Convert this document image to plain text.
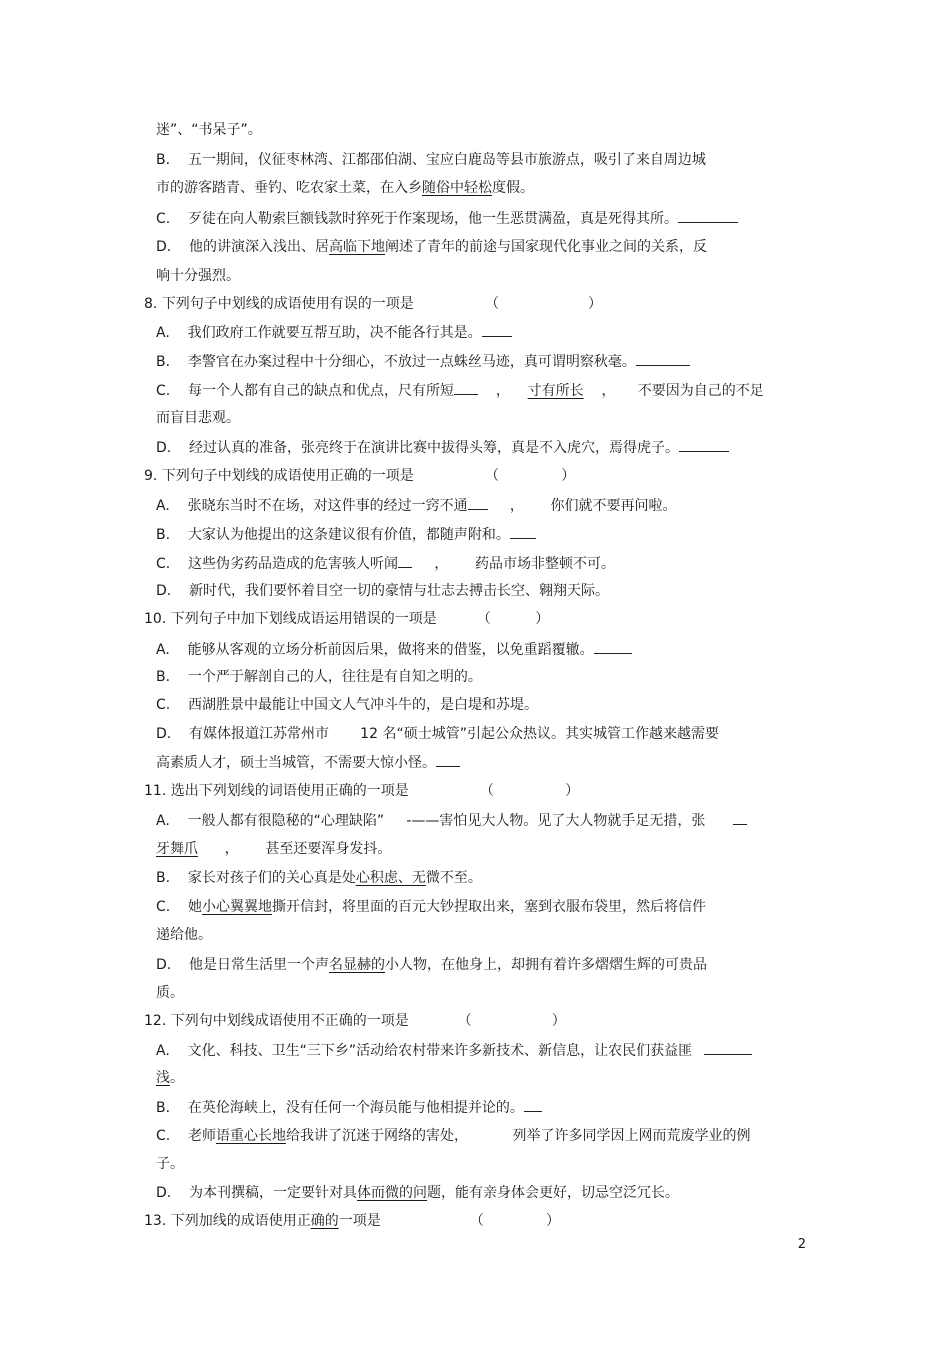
迷”、“书呆子”。
B.    五一期间，仪征枣林湾、江都邵伯湖、宝应白鹿岛等县市旅游点，吸引了来自周边城
市的游客踏青、垂钓、吃农家土菜，在入乡随俗中轻松度假。
C.    歹徒在向人勒索巨额钱款时猝死于作案现场，他一生恶贯满盈，真是死得其所。
D.    他的讲演深入浅出、居高临下地阐述了青年的前途与国家现代化事业之间的关系，反
响十分强烈。
8. 下列句子中划线的成语使用有误的一项是                （                    ）
A.    我们政府工作就要互帮互助，决不能各行其是。
B.    李警官在办案过程中十分细心，不放过一点蛛丝马迹，真可谓明察秋毫。
C.    每一个人都有自己的缺点和优点，尺有所短    ，    寸有所长    ，     不要因为自己的不足
而盲目悲观。
D.    经过认真的准备，张亮终于在演讲比赛中拔得头筹，真是不入虎穴，焉得虎子。
9. 下列句子中划线的成语使用正确的一项是                （              ）
A.    张晓东当时不在场，对这件事的经过一窍不通     ，      你们就不要再问啦。
B.    大家认为他提出的这条建议很有价值，都随声附和。
C.    这些伪劣药品造成的危害骇人听闻     ，      药品市场非整顿不可。
D.    新时代，我们要怀着目空一切的豪情与壮志去搏击长空、翱翔天际。
10. 下列句子中加下划线成语运用错误的一项是         （          ）
A.    能够从客观的立场分析前因后果，做将来的借鉴，以免重蹈覆辙。
B.    一个严于解剖自己的人，往往是有自知之明的。
C.    西湖胜景中最能让中国文人气冲斗牛的，是白堤和苏堤。
D.    有媒体报道江苏常州市       12 名“硕士城管”引起公众热议。其实城管工作越来越需要
高素质人才，硕士当城管，不需要大惊小怪。
11. 选出下列划线的词语使用正确的一项是                （                ）
A.    一般人都有很隐秘的“心理缺陷”     -——害怕见大人物。见了大人物就手足无措，张
牙舞爪      ，      甚至还要浑身发抖。
B.    家长对孩子们的关心真是处心积虑、无微不至。
C.    她小心翼翼地撕开信封，将里面的百元大钞捏取出来，塞到衣服布袋里，然后将信件
递给他。
D.    他是日常生活里一个声名显赫的小人物，在他身上，却拥有着许多熠熠生辉的可贵品
质。
12. 下列句中划线成语使用不正确的一项是           （                  ）
A.    文化、科技、卫生“三下乡”活动给农村带来许多新技术、新信息，让农民们获益匪
浅。
B.    在英伦海峡上，没有任何一个海员能与他相提并论的。
C.    老师语重心长地给我讲了沉迷于网络的害处，          列举了许多同学因上网而荒废学业的例
子。
D.    为本刊撰稿，一定要针对具体而微的问题，能有亲身体会更好，切忌空泛冗长。
13. 下列加线的成语使用正确的一项是                    （              ）
2
